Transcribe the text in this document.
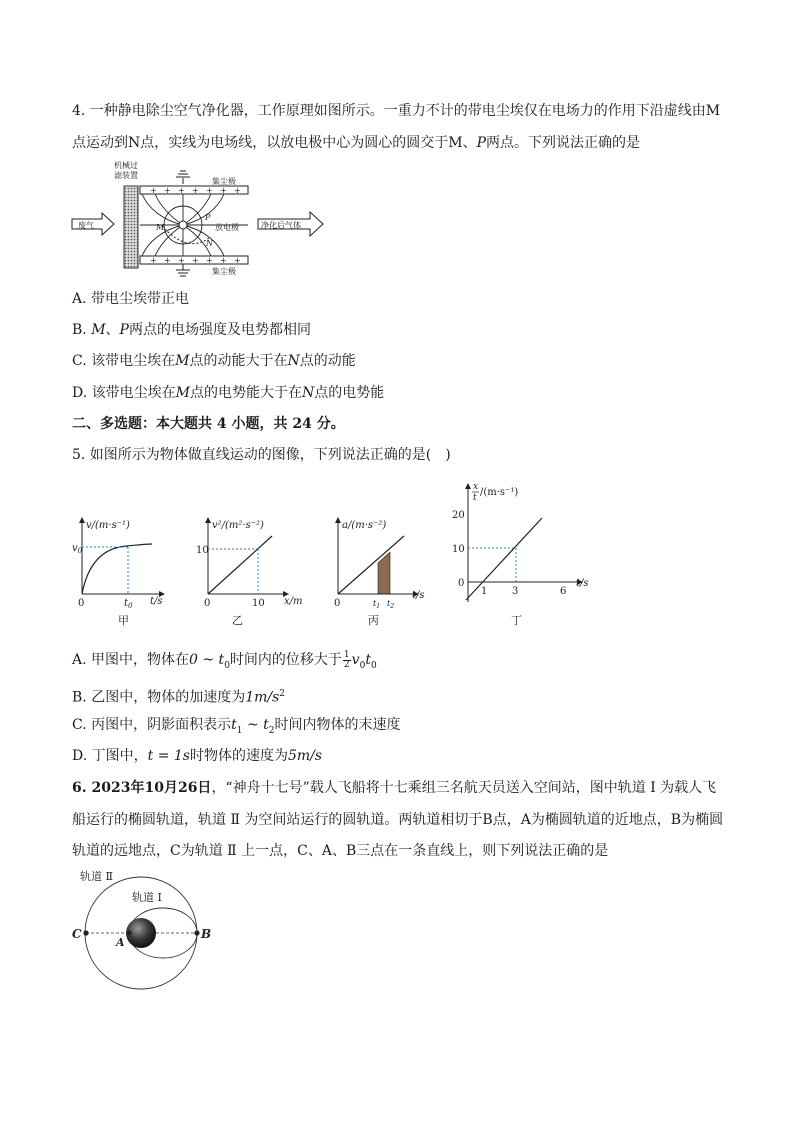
4. 一种静电除尘空气净化器，工作原理如图所示。一重力不计的带电尘埃仅在电场力的作用下沿虚线由M
点运动到N点，实线为电场线，以放电极中心为圆心的圆交于M、P两点。下列说法正确的是
机械过
滤装置
集尘极
集尘极
M
P
N
放电极
废气	净化后气体
+
+
+
+
+
+
+
+
+
+
+
+
+
+
A. 带电尘埃带正电
B. M、P两点的电场强度及电势都相同
C. 该带电尘埃在M点的动能大于在N点的动能
D. 该带电尘埃在M点的电势能大于在N点的电势能
二、多选题：本大题共 4 小题，共 24 分。
5. 如图所示为物体做直线运动的图像，下列说法正确的是(　)
v/(m·s⁻¹)
$v_0$
0	$t_0$ t/s
甲
v²/(m²·s⁻²)
10
0	10 x/m
乙
a/(m·s⁻²)
0	$t_1$ $t_2$
t/s
丙
x
t /(m·s⁻¹)
20
10
0
1 3	6
t/s
丁
A. 甲图中，物体在0 ~ $t_0$时间内的位移大于 $\frac{1}{2} v_0t_0$
B. 乙图中，物体的加速度为$1m/s^2$
C. 丙图中，阴影面积表示$t_1$ ~ $t_2$时间内物体的末速度
D. 丁图中，t = 1s时物体的速度为5m/s
6. 2023年10月26日，“神舟十七号”载人飞船将十七乘组三名航天员送入空间站，图中轨道 Ⅰ 为载人飞
船运行的椭圆轨道，轨道 Ⅱ 为空间站运行的圆轨道。两轨道相切于B点，A为椭圆轨道的近地点，B为椭圆
轨道的远地点，C为轨道 Ⅱ 上一点，C、A、B三点在一条直线上，则下列说法正确的是
轨道 Ⅱ
轨道 Ⅰ
C
A
B
